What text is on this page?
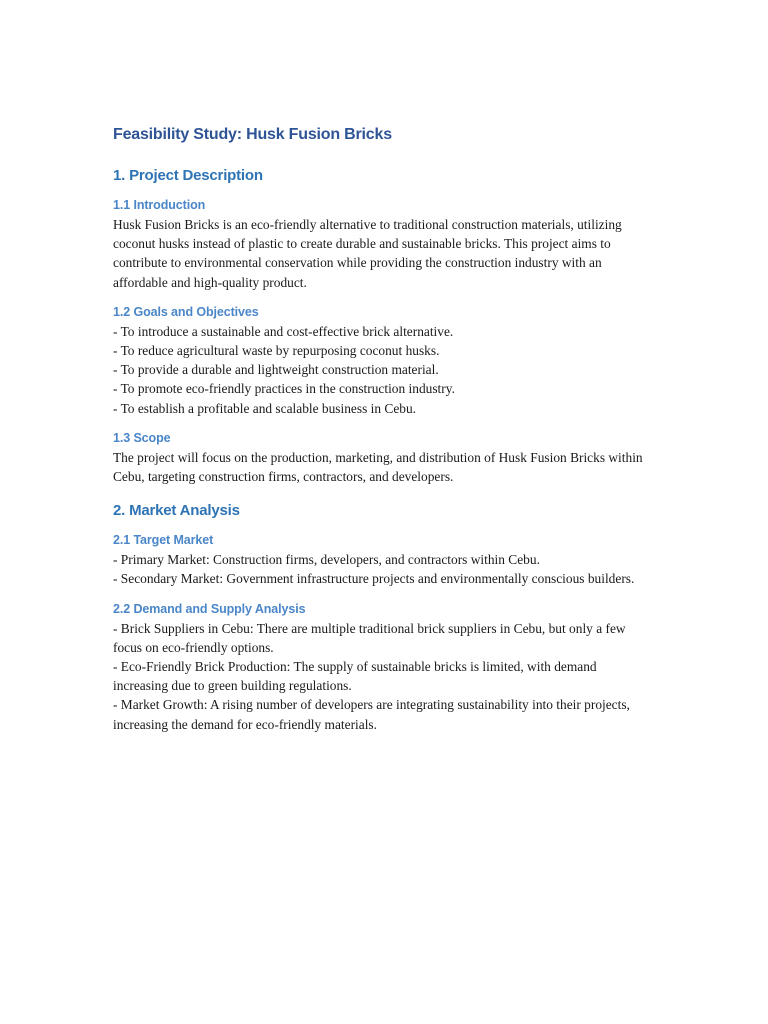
Feasibility Study: Husk Fusion Bricks
1. Project Description
1.1 Introduction

Husk Fusion Bricks is an eco-friendly alternative to traditional construction materials, utilizing coconut husks instead of plastic to create durable and sustainable bricks. This project aims to contribute to environmental conservation while providing the construction industry with an affordable and high-quality product.

1.2 Goals and Objectives
- To introduce a sustainable and cost-effective brick alternative.
- To reduce agricultural waste by repurposing coconut husks.
- To provide a durable and lightweight construction material.
- To promote eco-friendly practices in the construction industry.
- To establish a profitable and scalable business in Cebu.
1.3 Scope

The project will focus on the production, marketing, and distribution of Husk Fusion Bricks within Cebu, targeting construction firms, contractors, and developers.

2. Market Analysis
2.1 Target Market
- Primary Market: Construction firms, developers, and contractors within Cebu.
- Secondary Market: Government infrastructure projects and environmentally conscious builders.
2.2 Demand and Supply Analysis
- Brick Suppliers in Cebu: There are multiple traditional brick suppliers in Cebu, but only a few focus on eco-friendly options.
- Eco-Friendly Brick Production: The supply of sustainable bricks is limited, with demand increasing due to green building regulations.
- Market Growth: A rising number of developers are integrating sustainability into their projects, increasing the demand for eco-friendly materials.
